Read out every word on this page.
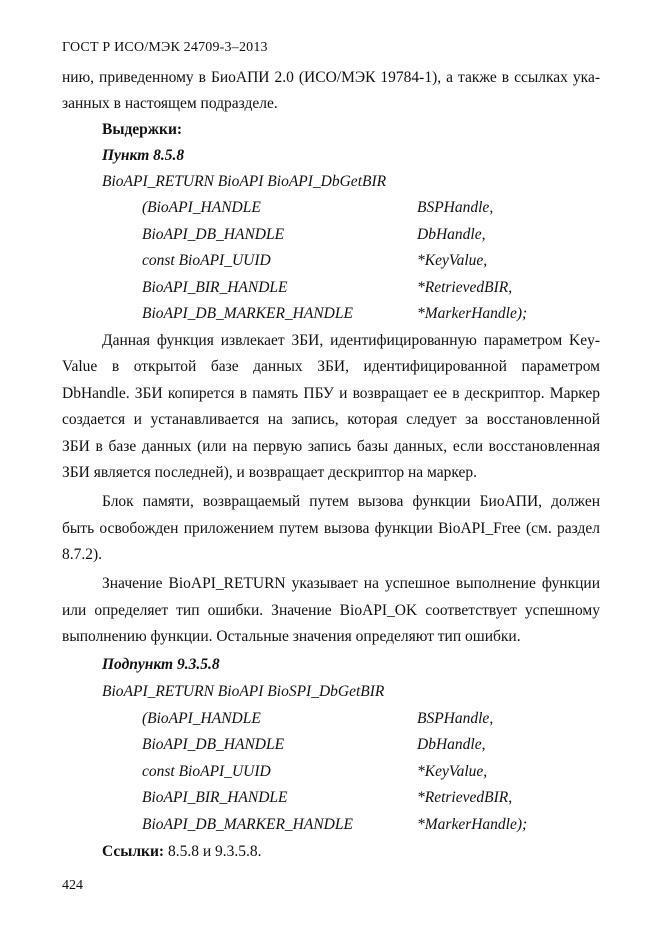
ГОСТ Р ИСО/МЭК 24709-3–2013
нию, приведенному в БиоАПИ 2.0 (ИСО/МЭК 19784-1), а также в ссылках ука-
занных в настоящем подразделе.
Выдержки:
Пункт 8.5.8
BioAPI_RETURN BioAPI BioAPI_DbGetBIR
(BioAPI_HANDLE	BSPHandle,
BioAPI_DB_HANDLE	DbHandle,
const BioAPI_UUID	*KeyValue,
BioAPI_BIR_HANDLE	*RetrievedBIR,
BioAPI_DB_MARKER_HANDLE	*MarkerHandle);
Данная функция извлекает ЗБИ, идентифицированную параметром Key-
Value в открытой базе данных ЗБИ, идентифицированной параметром
DbHandle. ЗБИ копирется в память ПБУ и возвращает ее в дескриптор. Маркер
создается и устанавливается на запись, которая следует за восстановленной
ЗБИ в базе данных (или на первую запись базы данных, если восстановленная
ЗБИ является последней), и возвращает дескриптор на маркер.
Блок памяти, возвращаемый путем вызова функции БиоАПИ, должен
быть освобожден приложением путем вызова функции BioAPI_Free (см. раздел
8.7.2).
Значение BioAPI_RETURN указывает на успешное выполнение функции
или определяет тип ошибки. Значение BioAPI_OK соответствует успешному
выполнению функции. Остальные значения определяют тип ошибки.
Подпункт 9.3.5.8
BioAPI_RETURN BioAPI BioSPI_DbGetBIR
(BioAPI_HANDLE	BSPHandle,
BioAPI_DB_HANDLE	DbHandle,
const BioAPI_UUID	*KeyValue,
BioAPI_BIR_HANDLE	*RetrievedBIR,
BioAPI_DB_MARKER_HANDLE	*MarkerHandle);
Ссылки: 8.5.8 и 9.3.5.8.
424
